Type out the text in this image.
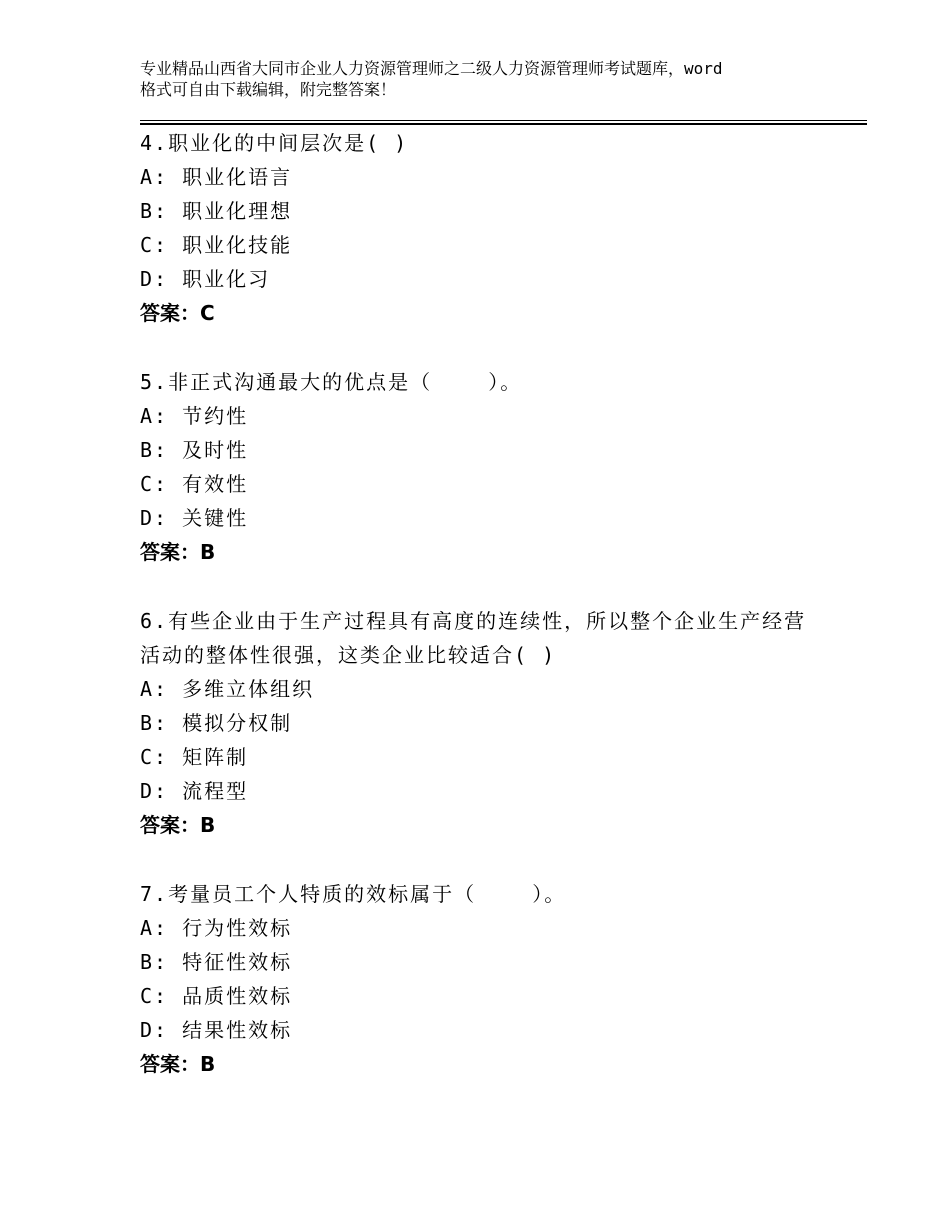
专业精品山西省大同市企业人力资源管理师之二级人力资源管理师考试题库，word
格式可自由下载编辑，附完整答案！

4.职业化的中间层次是( )

A: 职业化语言

B: 职业化理想

C: 职业化技能

D: 职业化习

答案：C

5.非正式沟通最大的优点是（    ）。

A: 节约性

B: 及时性

C: 有效性

D: 关键性

答案：B

6.有些企业由于生产过程具有高度的连续性，所以整个企业生产经营

活动的整体性很强，这类企业比较适合( )

A: 多维立体组织

B: 模拟分权制

C: 矩阵制

D: 流程型

答案：B

7.考量员工个人特质的效标属于（    ）。

A: 行为性效标

B: 特征性效标

C: 品质性效标

D: 结果性效标

答案：B
